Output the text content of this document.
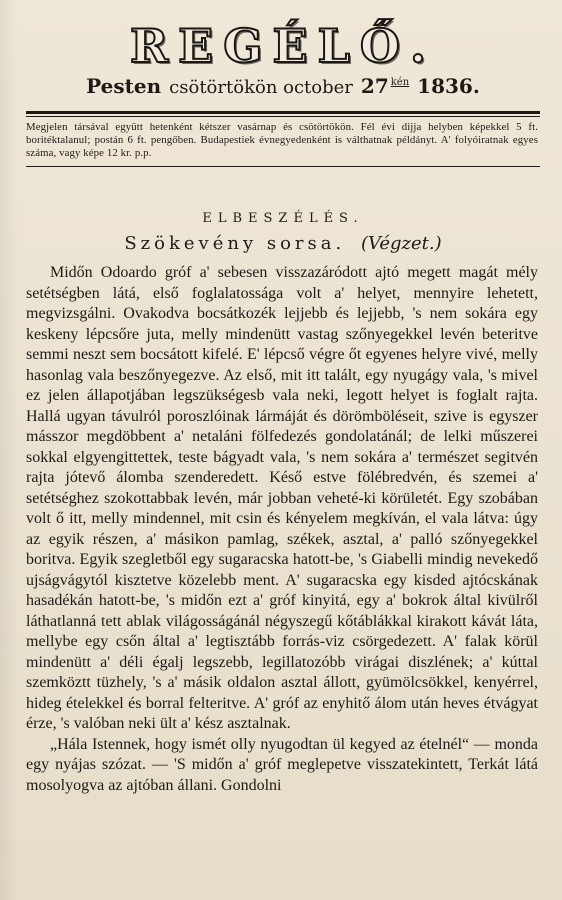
REGÉLŐ.
Pesten csötörtökön october 27 kén 1836.
Megjelen társával együtt hetenként kétszer vasárnap és csötörtökön. Fél évi dijja helyben képekkel 5 ft. boritéktalanul; postán 6 ft. pengőben. Budapestiek évnegyedenként is válthatnak példányt. A' folyóiratnak egyes száma, vagy képe 12 kr. p.p.
ELBESZÉLÉS.
Szökevény sorsa. (Végzet.)

Midőn Odoardo gróf a' sebesen visszazáródott ajtó megett magát mély setétségben látá, első foglalatossága volt a' helyet, mennyire lehetett, megvizsgálni. Ovakodva bocsátkozék lejjebb és lejjebb, 's nem sokára egy keskeny lépcsőre juta, melly mindenütt vastag szőnyegekkel levén beteritve semmi neszt sem bocsátott kifelé. E' lépcső végre őt egyenes helyre vivé, melly hasonlag vala beszőnyegezve. Az első, mit itt talált, egy nyugágy vala, 's mivel ez jelen állapotjában legszükségesb vala neki, legott helyet is foglalt rajta. Hallá ugyan távulról poroszlóinak lármáját és dörömböléseit, szive is egyszer másszor megdöbbent a' netaláni fölfedezés gondolatánál; de lelki műszerei sokkal elgyengittettek, teste bágyadt vala, 's nem sokára a' természet segitvén rajta jótevő álomba szenderedett. Késő estve fölébredvén, és szemei a' setétséghez szokottabbak levén, már jobban veheté-ki körületét. Egy szobában volt ő itt, melly mindennel, mit csin és kényelem megkíván, el vala látva: úgy az egyik részen, a' másikon pamlag, székek, asztal, a' palló szőnyegekkel boritva. Egyik szegletből egy sugaracska hatott-be, 's Giabelli mindig nevekedő ujságvágytól kisztetve közelebb ment. A' sugaracska egy kisded ajtócskának hasadékán hatott-be, 's midőn ezt a' gróf kinyitá, egy a' bokrok által kivülről láthatlanná tett ablak világosságánál négyszegű kőtáblákkal kirakott kávát láta, mellybe egy csőn által a' legtisztább forrás-viz csörgedezett. A' falak körül mindenütt a' déli égalj legszebb, legillatozóbb virágai diszlének; a' kúttal szemköztt tüzhely, 's a' másik oldalon asztal állott, gyümölcsökkel, kenyérrel, hideg ételekkel és borral felteritve. A' gróf az enyhitő álom után heves étvágyat érze, 's valóban neki ült a' kész asztalnak.

„Hála Istennek, hogy ismét olly nyugodtan ül kegyed az ételnél“ — monda egy nyájas szózat. — 'S midőn a' gróf meglepetve visszatekintett, Terkát látá mosolyogva az ajtóban állani. Gondolni
